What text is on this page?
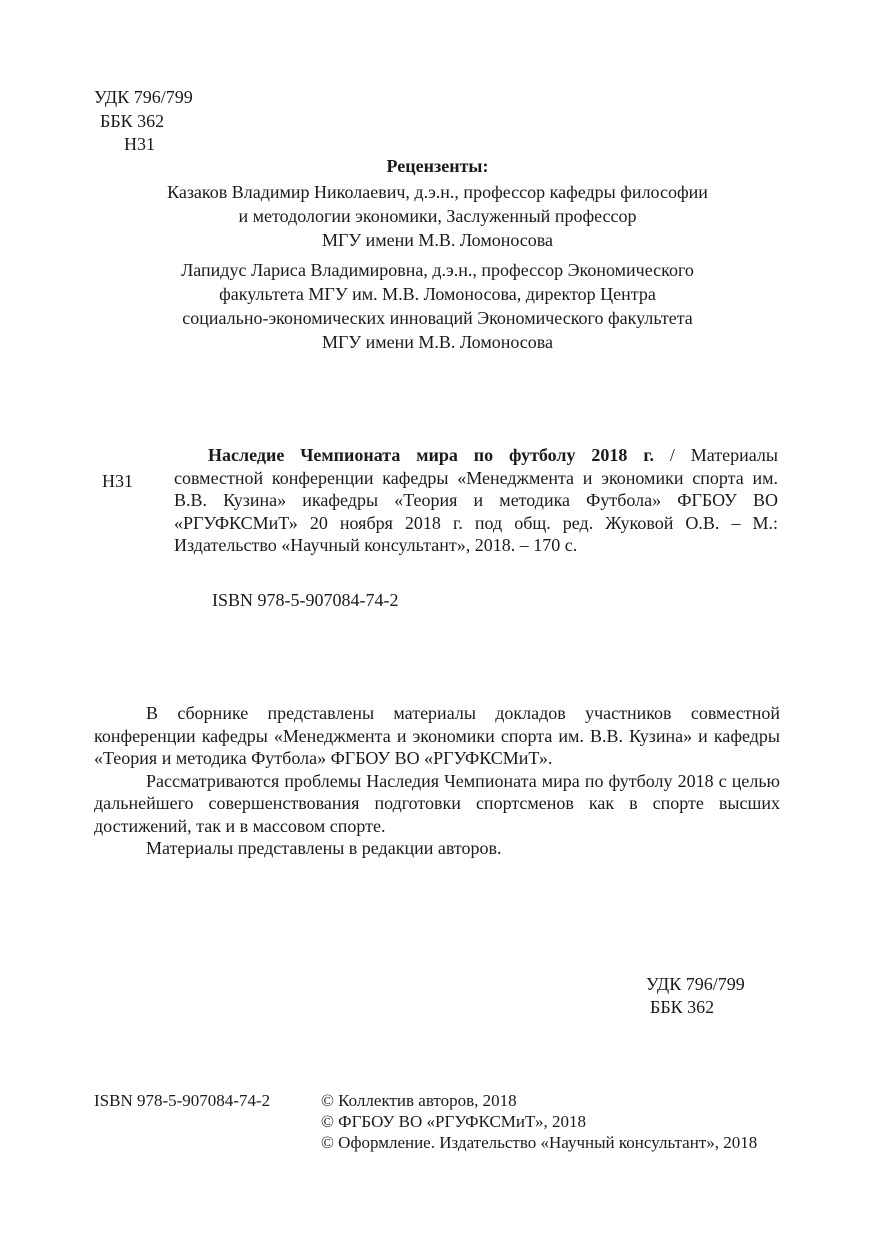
УДК 796/799
ББК 362
Н31
Рецензенты:
Казаков Владимир Николаевич, д.э.н., профессор кафедры философии
и методологии экономики, Заслуженный профессор
МГУ имени М.В. Ломоносова
Лапидус Лариса Владимировна, д.э.н., профессор Экономического
факультета МГУ им. М.В. Ломоносова, директор Центра
социально-экономических инноваций Экономического факультета
МГУ имени М.В. Ломоносова
Н31
Наследие Чемпионата мира по футболу 2018 г. / Материалы совместной конференции кафедры «Менеджмента и экономики спорта им. В.В. Кузина» икафедры «Теория и методика Футбола» ФГБОУ ВО «РГУФКСМиТ» 20 ноября 2018 г. под общ. ред. Жуковой О.В. – М.: Издательство «Научный консультант», 2018. – 170 с.
ISBN 978-5-907084-74-2

В сборнике представлены материалы докладов участников совместной конференции кафедры «Менеджмента и экономики спорта им. В.В. Кузина» и кафедры «Теория и методика Футбола» ФГБОУ ВО «РГУФКСМиТ».

Рассматриваются проблемы Наследия Чемпионата мира по футболу 2018 с целью дальнейшего совершенствования подготовки спортсменов как в спорте высших достижений, так и в массовом спорте.

Материалы представлены в редакции авторов.

УДК 796/799
ББК 362
ISBN 978-5-907084-74-2	© Коллектив авторов, 2018
© ФГБОУ ВО «РГУФКСМиТ», 2018
© Оформление. Издательство «Научный консультант», 2018
